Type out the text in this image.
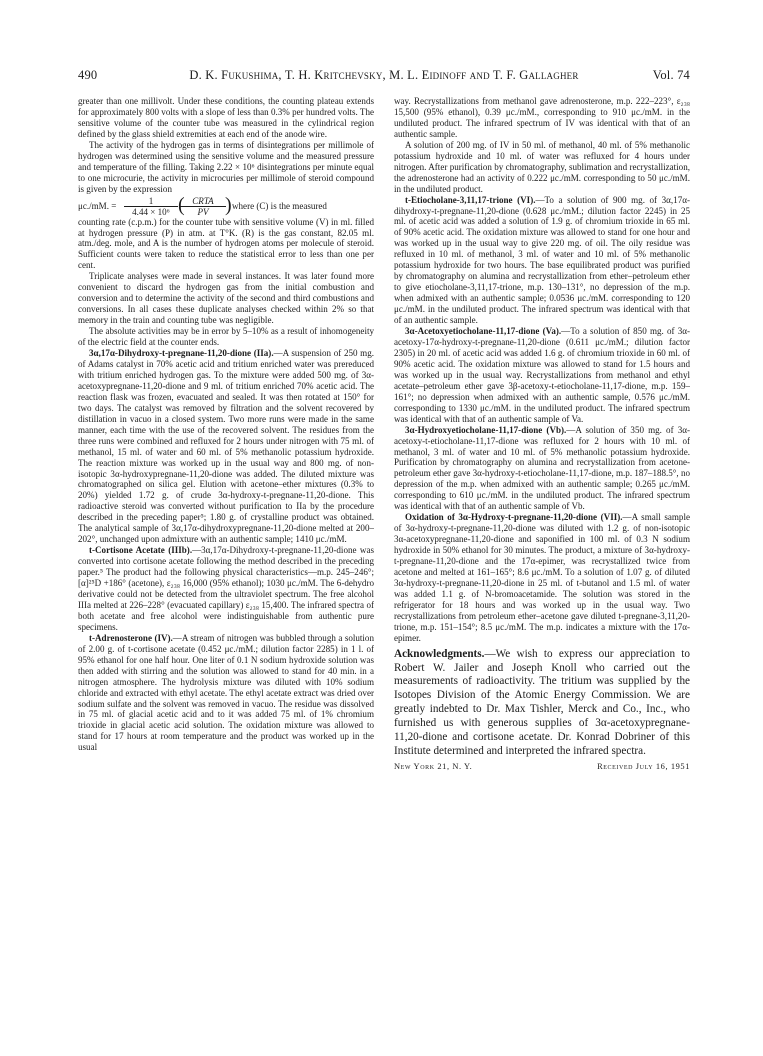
490	D. K. Fukushima, T. H. Kritchevsky, M. L. Eidinoff and T. F. Gallagher	Vol. 74

greater than one millivolt. Under these conditions, the counting plateau extends for approximately 800 volts with a slope of less than 0.3% per hundred volts. The sensitive volume of the counter tube was measured in the cylindrical region defined by the glass shield extremities at each end of the anode wire.

The activity of the hydrogen gas in terms of disintegrations per millimole of hydrogen was determined using the sensitive volume and the measured pressure and temperature of the filling. Taking 2.22 × 10⁶ disintegrations per minute equal to one microcurie, the activity in microcuries per millimole of steroid compound is given by the expression

μc./mM. = $\frac{1}{\text{4.44 × 10⁶}}$ ( CRTA
PV ) where (C) is the measured

counting rate (c.p.m.) for the counter tube with sensitive volume (V) in ml. filled at hydrogen pressure (P) in atm. at T°K. (R) is the gas constant, 82.05 ml. atm./deg. mole, and A is the number of hydrogen atoms per molecule of steroid. Sufficient counts were taken to reduce the statistical error to less than one per cent.

Triplicate analyses were made in several instances. It was later found more convenient to discard the hydrogen gas from the initial combustion and conversion and to determine the activity of the second and third combustions and conversions. In all cases these duplicate analyses checked within 2% so that memory in the train and counting tube was negligible.

The absolute activities may be in error by 5–10% as a result of inhomogeneity of the electric field at the counter ends.

3α,17α-Dihydroxy-t-pregnane-11,20-dione (IIa).—A suspension of 250 mg. of Adams catalyst in 70% acetic acid and tritium enriched water was prereduced with tritium enriched hydrogen gas. To the mixture were added 500 mg. of 3α-acetoxypregnane-11,20-dione and 9 ml. of tritium enriched 70% acetic acid. The reaction flask was frozen, evacuated and sealed. It was then rotated at 150° for two days. The catalyst was removed by filtration and the solvent recovered by distillation in vacuo in a closed system. Two more runs were made in the same manner, each time with the use of the recovered solvent. The residues from the three runs were combined and refluxed for 2 hours under nitrogen with 75 ml. of methanol, 15 ml. of water and 60 ml. of 5% methanolic potassium hydroxide. The reaction mixture was worked up in the usual way and 800 mg. of non-isotopic 3α-hydroxypregnane-11,20-dione was added. The diluted mixture was chromatographed on silica gel. Elution with acetone–ether mixtures (0.3% to 20%) yielded 1.72 g. of crude 3α-hydroxy-t-pregnane-11,20-dione. This radioactive steroid was converted without purification to IIa by the procedure described in the preceding paper⁵; 1.80 g. of crystalline product was obtained. The analytical sample of 3α,17α-dihydroxypregnane-11,20-dione melted at 200–202°, unchanged upon admixture with an authentic sample; 1410 μc./mM.

t-Cortisone Acetate (IIIb).—3α,17α-Dihydroxy-t-pregnane-11,20-dione was converted into cortisone acetate following the method described in the preceding paper.⁵ The product had the following physical characteristics—m.p. 245–246°; [α]²⁵D +186° (acetone), ε₂₃₈ 16,000 (95% ethanol); 1030 μc./mM. The 6-dehydro derivative could not be detected from the ultraviolet spectrum. The free alcohol IIIa melted at 226–228° (evacuated capillary) ε₂₃₈ 15,400. The infrared spectra of both acetate and free alcohol were indistinguishable from authentic pure specimens.

t-Adrenosterone (IV).—A stream of nitrogen was bubbled through a solution of 2.00 g. of t-cortisone acetate (0.452 μc./mM.; dilution factor 2285) in 1 l. of 95% ethanol for one half hour. One liter of 0.1 N sodium hydroxide solution was then added with stirring and the solution was allowed to stand for 40 min. in a nitrogen atmosphere. The hydrolysis mixture was diluted with 10% sodium chloride and extracted with ethyl acetate. The ethyl acetate extract was dried over sodium sulfate and the solvent was removed in vacuo. The residue was dissolved in 75 ml. of glacial acetic acid and to it was added 75 ml. of 1% chromium trioxide in glacial acetic acid solution. The oxidation mixture was allowed to stand for 17 hours at room temperature and the product was worked up in the usual

way. Recrystallizations from methanol gave adrenosterone, m.p. 222–223°, ε₂₃₈ 15,500 (95% ethanol), 0.39 μc./mM., corresponding to 910 μc./mM. in the undiluted product. The infrared spectrum of IV was identical with that of an authentic sample.

A solution of 200 mg. of IV in 50 ml. of methanol, 40 ml. of 5% methanolic potassium hydroxide and 10 ml. of water was refluxed for 4 hours under nitrogen. After purification by chromatography, sublimation and recrystallization, the adrenosterone had an activity of 0.222 μc./mM. corresponding to 50 μc./mM. in the undiluted product.

t-Etiocholane-3,11,17-trione (VI).—To a solution of 900 mg. of 3α,17α-dihydroxy-t-pregnane-11,20-dione (0.628 μc./mM.; dilution factor 2245) in 25 ml. of acetic acid was added a solution of 1.9 g. of chromium trioxide in 65 ml. of 90% acetic acid. The oxidation mixture was allowed to stand for one hour and was worked up in the usual way to give 220 mg. of oil. The oily residue was refluxed in 10 ml. of methanol, 3 ml. of water and 10 ml. of 5% methanolic potassium hydroxide for two hours. The base equilibrated product was purified by chromatography on alumina and recrystallization from ether–petroleum ether to give etiocholane-3,11,17-trione, m.p. 130–131°, no depression of the m.p. when admixed with an authentic sample; 0.0536 μc./mM. corresponding to 120 μc./mM. in the undiluted product. The infrared spectrum was identical with that of an authentic sample.

3α-Acetoxyetiocholane-11,17-dione (Va).—To a solution of 850 mg. of 3α-acetoxy-17α-hydroxy-t-pregnane-11,20-dione (0.611 μc./mM.; dilution factor 2305) in 20 ml. of acetic acid was added 1.6 g. of chromium trioxide in 60 ml. of 90% acetic acid. The oxidation mixture was allowed to stand for 1.5 hours and was worked up in the usual way. Recrystallizations from methanol and ethyl acetate–petroleum ether gave 3β-acetoxy-t-etiocholane-11,17-dione, m.p. 159–161°; no depression when admixed with an authentic sample, 0.576 μc./mM. corresponding to 1330 μc./mM. in the undiluted product. The infrared spectrum was identical with that of an authentic sample of Va.

3α-Hydroxyetiocholane-11,17-dione (Vb).—A solution of 350 mg. of 3α-acetoxy-t-etiocholane-11,17-dione was refluxed for 2 hours with 10 ml. of methanol, 3 ml. of water and 10 ml. of 5% methanolic potassium hydroxide. Purification by chromatography on alumina and recrystallization from acetone-petroleum ether gave 3α-hydroxy-t-etiocholane-11,17-dione, m.p. 187–188.5°, no depression of the m.p. when admixed with an authentic sample; 0.265 μc./mM. corresponding to 610 μc./mM. in the undiluted product. The infrared spectrum was identical with that of an authentic sample of Vb.

Oxidation of 3α-Hydroxy-t-pregnane-11,20-dione (VII).—A small sample of 3α-hydroxy-t-pregnane-11,20-dione was diluted with 1.2 g. of non-isotopic 3α-acetoxypregnane-11,20-dione and saponified in 100 ml. of 0.3 N sodium hydroxide in 50% ethanol for 30 minutes. The product, a mixture of 3α-hydroxy-t-pregnane-11,20-dione and the 17α-epimer, was recrystallized twice from acetone and melted at 161–165°; 8.6 μc./mM. To a solution of 1.07 g. of diluted 3α-hydroxy-t-pregnane-11,20-dione in 25 ml. of t-butanol and 1.5 ml. of water was added 1.1 g. of N-bromoacetamide. The solution was stored in the refrigerator for 18 hours and was worked up in the usual way. Two recrystallizations from petroleum ether–acetone gave diluted t-pregnane-3,11,20-trione, m.p. 151–154°; 8.5 μc./mM. The m.p. indicates a mixture with the 17α-epimer.

Acknowledgments.—We wish to express our appreciation to Robert W. Jailer and Joseph Knoll who carried out the measurements of radioactivity. The tritium was supplied by the Isotopes Division of the Atomic Energy Commission. We are greatly indebted to Dr. Max Tishler, Merck and Co., Inc., who furnished us with generous supplies of 3α-acetoxypregnane-11,20-dione and cortisone acetate. Dr. Konrad Dobriner of this Institute determined and interpreted the infrared spectra.

New York 21, N. Y.	Received July 16, 1951
